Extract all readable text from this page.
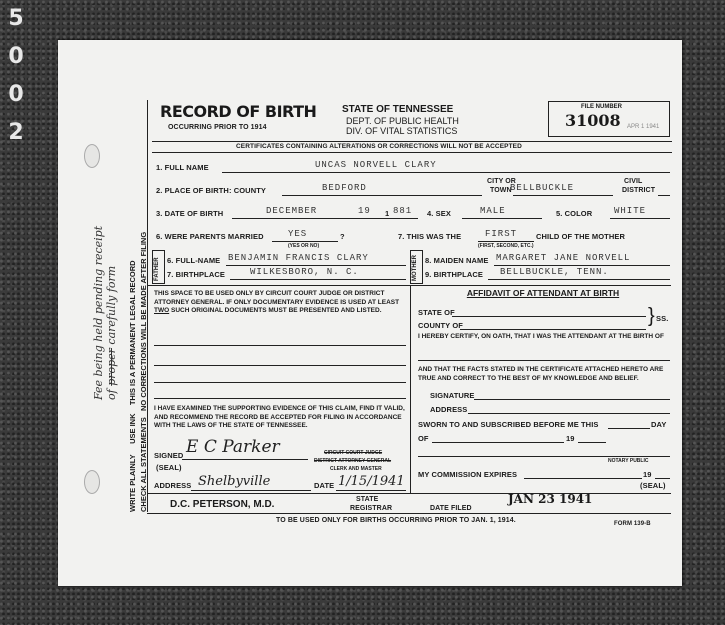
5
0
0
2
Fee being held pending receipt of proper carefully form
WRITE PLAINLY     USE INK    THIS IS A PERMANENT LEGAL RECORD
CHECK ALL STATEMENTS   NO CORRECTIONS WILL BE MADE AFTER FILING
RECORD OF BIRTH
OCCURRING PRIOR TO 1914
STATE OF TENNESSEE
DEPT. OF PUBLIC HEALTH
DIV. OF VITAL STATISTICS
FILE NUMBER
31008 APR 1 1941
CERTIFICATES CONTAINING ALTERATIONS OR CORRECTIONS WILL NOT BE ACCEPTED
1. FULL NAME	UNCAS NORVELL CLARY
2. PLACE OF BIRTH: COUNTY	BEDFORD
CITY OR
TOWN
BELLBUCKLE
CIVIL
DISTRICT
3. DATE OF BIRTH	DECEMBER	19 1 881 4. SEX	MALE	5. COLOR WHITE
6. WERE PARENTS MARRIED	YES
(YES OR NO)
?	7. THIS WAS THE	FIRST	CHILD OF THE MOTHER
(FIRST, SECOND, ETC.)
FATHER 6. FULL-NAME BENJAMIN FRANCIS CLARY
7. BIRTHPLACE	WILKESBORO, N. C.	MOTHER 8. MAIDEN NAME MARGARET JANE NORVELL
9. BIRTHPLACE BELLBUCKLE, TENN.
THIS SPACE TO BE USED ONLY BY CIRCUIT COURT JUDGE OR DISTRICT ATTORNEY GENERAL. IF ONLY DOCUMENTARY EVIDENCE IS USED AT LEAST TWO SUCH ORIGINAL DOCUMENTS MUST BE PRESENTED AND LISTED.
I HAVE EXAMINED THE SUPPORTING EVIDENCE OF THIS CLAIM, FIND IT VALID, AND RECOMMEND THE RECORD BE ACCEPTED FOR FILING IN ACCORDANCE WITH THE LAWS OF THE STATE OF TENNESSEE.
SIGNED E C Parker	CIRCUIT COURT JUDGE
DISTRICT ATTORNEY GENERAL
CLERK AND MASTER
(SEAL)
ADDRESS Shelbyville	DATE 1/15/1941
AFFIDAVIT OF ATTENDANT AT BIRTH
STATE OF
COUNTY OF	} SS.
I HEREBY CERTIFY, ON OATH, THAT I WAS THE ATTENDANT AT THE BIRTH OF
AND THAT THE FACTS STATED IN THE CERTIFICATE ATTACHED HERETO ARE TRUE AND CORRECT TO THE BEST OF MY KNOWLEDGE AND BELIEF.
SIGNATURE
ADDRESS
SWORN TO AND SUBSCRIBED BEFORE ME THIS	DAY
OF	19
NOTARY PUBLIC
MY COMMISSION EXPIRES	19
(SEAL)
D.C. PETERSON, M.D.	STATE
REGISTRAR	DATE FILED
JAN 23 1941
TO BE USED ONLY FOR BIRTHS OCCURRING PRIOR TO JAN. 1, 1914.	FORM 139-B
